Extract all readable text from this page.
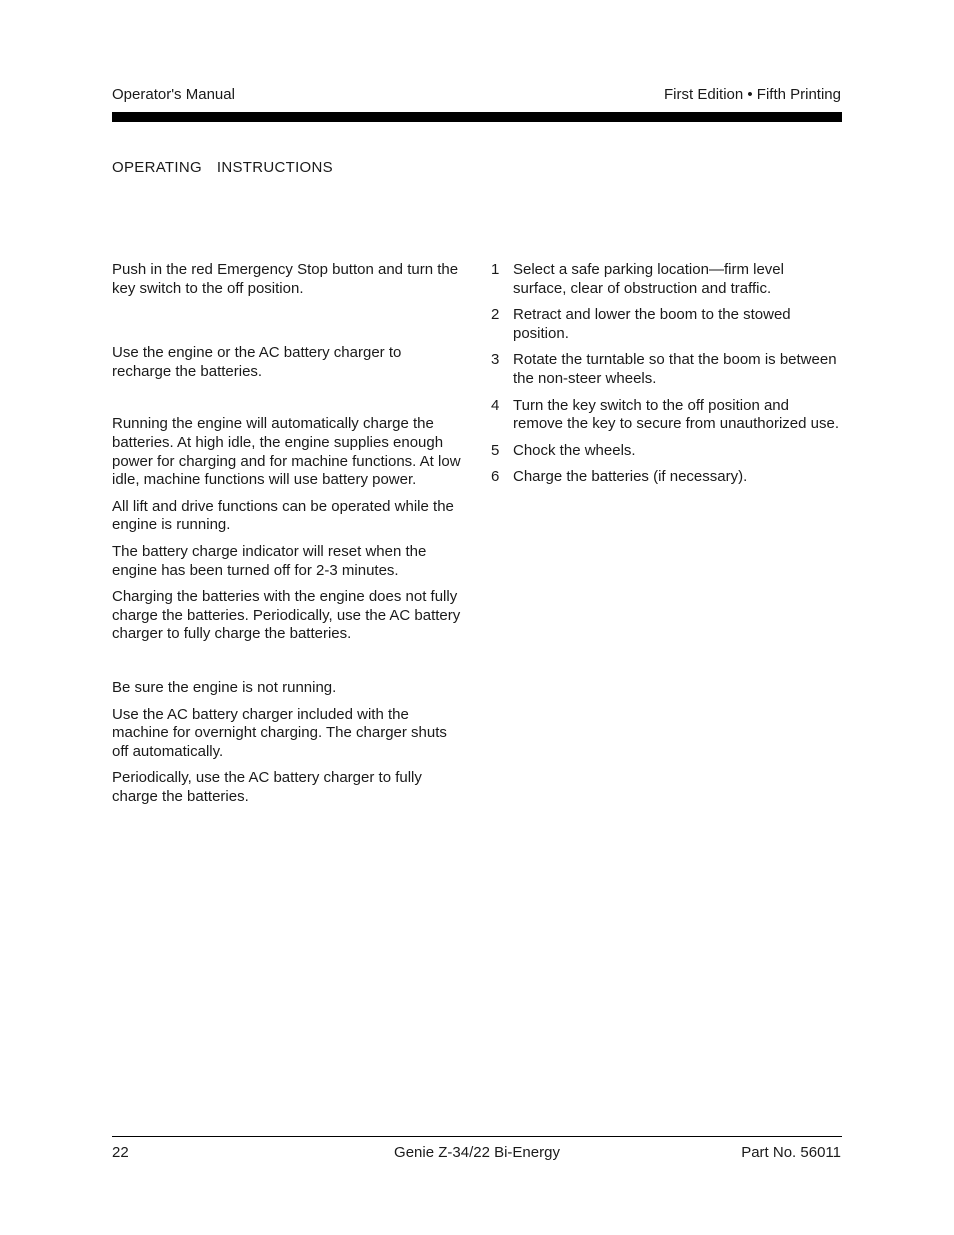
Operator's Manual	First Edition • Fifth Printing
OPERATING  INSTRUCTIONS

Push in the red Emergency Stop button and turn the key switch to the off position.

Use the engine or the AC battery charger to recharge the batteries.

Running the engine will automatically charge the batteries. At high idle, the engine supplies enough power for charging and for machine functions. At low idle, machine functions will use battery power.

All lift and drive functions can be operated while the engine is running.

The battery charge indicator will reset when the engine has been turned off for 2-3 minutes.

Charging the batteries with the engine does not fully charge the batteries. Periodically, use the AC battery charger to fully charge the batteries.

Be sure the engine is not running.

Use the AC battery charger included with the machine for overnight charging. The charger shuts off automatically.

Periodically, use the AC battery charger to fully charge the batteries.

1 Select a safe parking location—firm level surface, clear of obstruction and traffic.
2 Retract and lower the boom to the stowed position.
3 Rotate the turntable so that the boom is between the non-steer wheels.
4 Turn the key switch to the off position and remove the key to secure from unauthorized use.
5 Chock the wheels.
6 Charge the batteries (if necessary).
22	Genie Z-34/22 Bi-Energy	Part No. 56011
